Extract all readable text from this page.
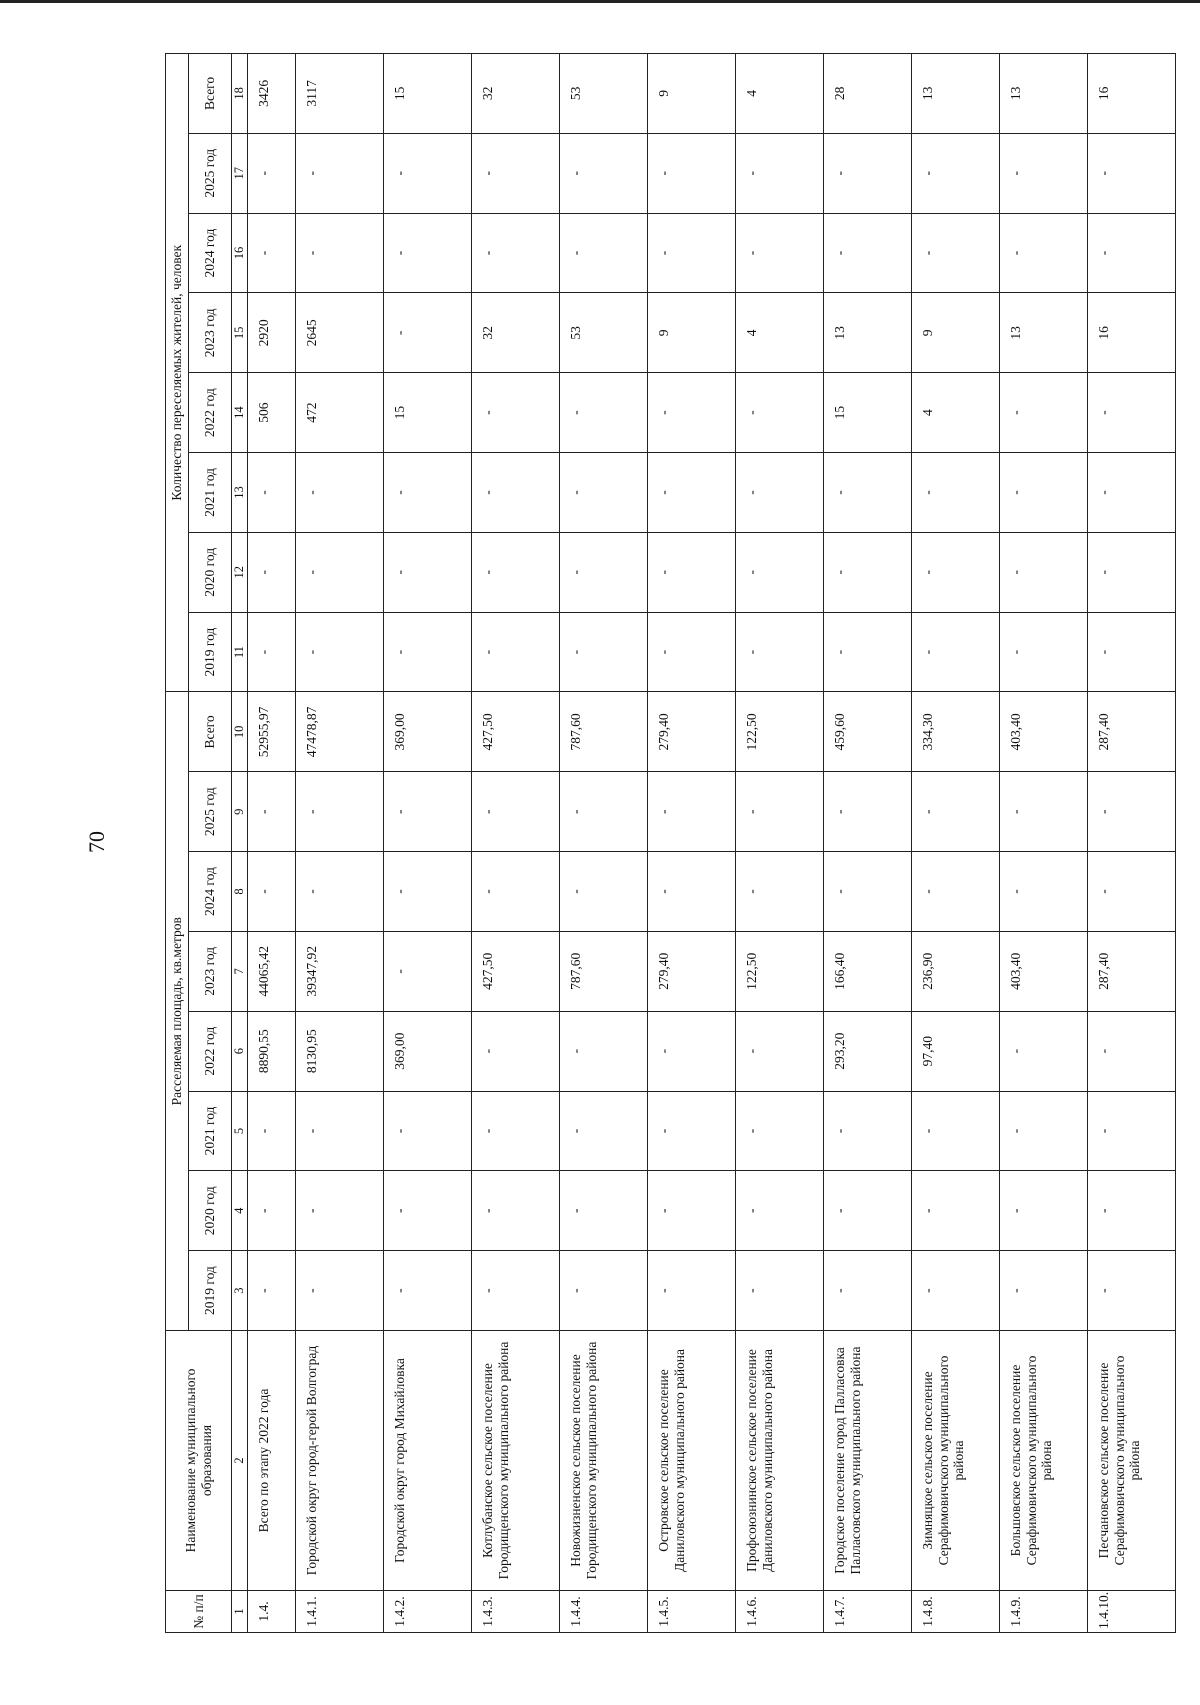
70
№ п/п	Наименование муниципального образования	Расселяемая площадь, кв.метров								Количество переселяемых жителей, человек							
		2019 год	2020 год	2021 год	2022 год	2023 год	2024 год	2025 год	Всего	2019 год	2020 год	2021 год	2022 год	2023 год	2024 год	2025 год	Всего
1	2	3	4	5	6	7	8	9	10	11	12	13	14	15	16	17	18
1.4.	Всего по этапу 2022 года	-	-	-	8890,55	44065,42	-	-	52955,97	-	-	-	506	2920	-	-	3426
1.4.1.	Городской округ город-герой Волгоград	-	-	-	8130,95	39347,92	-	-	47478,87	-	-	-	472	2645	-	-	3117
1.4.2.	Городской округ город Михайловка	-	-	-	369,00	-	-	-	369,00	-	-	-	15	-	-	-	15
1.4.3.	Котлубанское сельское поселение Городищенского муниципального района	-	-	-	-	427,50	-	-	427,50	-	-	-	-	32	-	-	32
1.4.4.	Новожизненское сельское поселение Городищенского муниципального района	-	-	-	-	787,60	-	-	787,60	-	-	-	-	53	-	-	53
1.4.5.	Островское сельское поселение Даниловского муниципального района	-	-	-	-	279,40	-	-	279,40	-	-	-	-	9	-	-	9
1.4.6.	Профсоюзнинское сельское поселение Даниловского муниципального района	-	-	-	-	122,50	-	-	122,50	-	-	-	-	4	-	-	4
1.4.7.	Городское поселение город Палласовка Палласовского муниципального района	-	-	-	293,20	166,40	-	-	459,60	-	-	-	15	13	-	-	28
1.4.8.	Зимняцкое сельское поселение Серафимовичского муниципального района	-	-	-	97,40	236,90	-	-	334,30	-	-	-	4	9	-	-	13
1.4.9.	Большовское сельское поселение Серафимовичского муниципального района	-	-	-	-	403,40	-	-	403,40	-	-	-	-	13	-	-	13
1.4.10.	Песчановское сельское поселение Серафимовичского муниципального района	-	-	-	-	287,40	-	-	287,40	-	-	-	-	16	-	-	16
